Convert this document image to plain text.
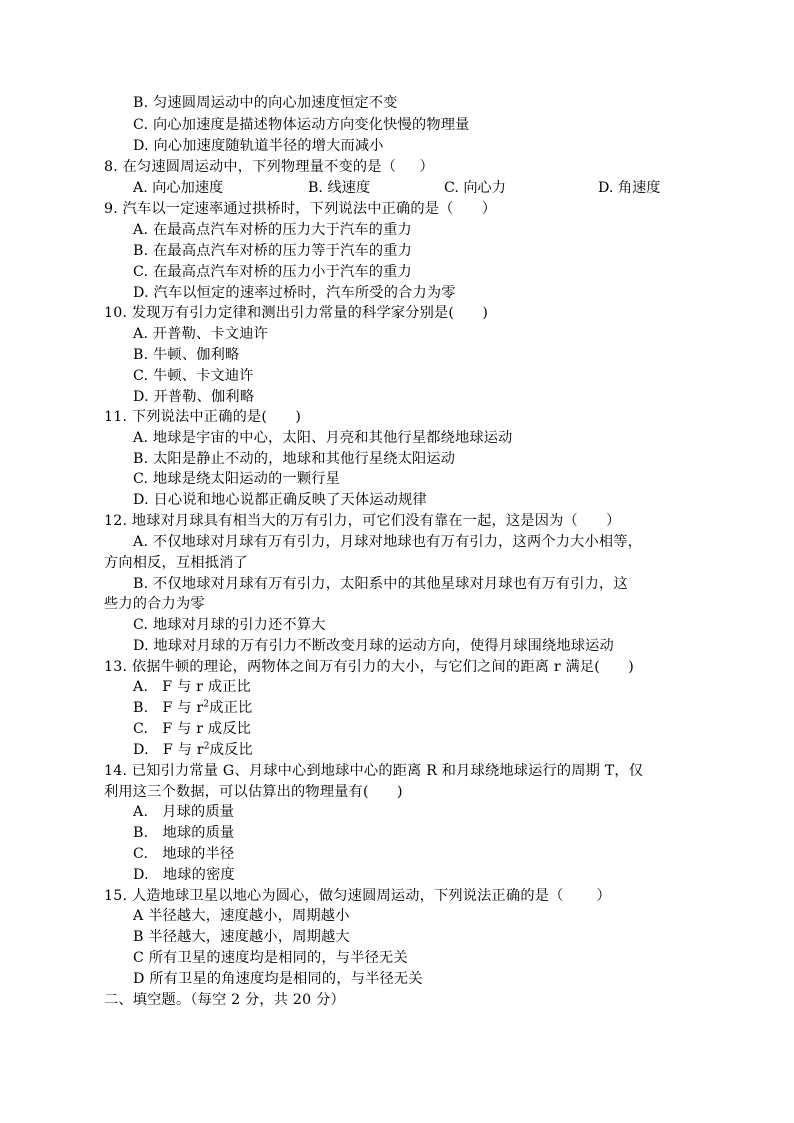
B. 匀速圆周运动中的向心加速度恒定不变
C. 向心加速度是描述物体运动方向变化快慢的物理量
D. 向心加速度随轨道半径的增大而减小
8. 在匀速圆周运动中，下列物理量不变的是（     ）
A. 向心加速度	B. 线速度	C. 向心力	D. 角速度
9. 汽车以一定速率通过拱桥时，下列说法中正确的是（      ）
A. 在最高点汽车对桥的压力大于汽车的重力
B. 在最高点汽车对桥的压力等于汽车的重力
C. 在最高点汽车对桥的压力小于汽车的重力
D. 汽车以恒定的速率过桥时，汽车所受的合力为零
10. 发现万有引力定律和测出引力常量的科学家分别是(      )
A. 开普勒、卡文迪许
B. 牛顿、伽利略
C. 牛顿、卡文迪许
D. 开普勒、伽利略
11. 下列说法中正确的是(      )
A. 地球是宇宙的中心，太阳、月亮和其他行星都绕地球运动
B. 太阳是静止不动的，地球和其他行星绕太阳运动
C. 地球是绕太阳运动的一颗行星
D. 日心说和地心说都正确反映了天体运动规律
12. 地球对月球具有相当大的万有引力，可它们没有靠在一起，这是因为（      ）
A. 不仅地球对月球有万有引力，月球对地球也有万有引力，这两个力大小相等，
方向相反，互相抵消了
B. 不仅地球对月球有万有引力，太阳系中的其他星球对月球也有万有引力，这
些力的合力为零
C. 地球对月球的引力还不算大
D. 地球对月球的万有引力不断改变月球的运动方向，使得月球围绕地球运动
13. 依据牛顿的理论，两物体之间万有引力的大小，与它们之间的距离 r 满足(      )
A.   F 与 r 成正比
B.   F 与 $r^2$成正比
C.   F 与 r 成反比
D.   F 与 $r^2$成反比
14. 已知引力常量 G、月球中心到地球中心的距离 R 和月球绕地球运行的周期 T，仅
利用这三个数据，可以估算出的物理量有(      )
A.   月球的质量
B.   地球的质量
C.   地球的半径
D.   地球的密度
15. 人造地球卫星以地心为圆心，做匀速圆周运动，下列说法正确的是（       ）
A 半径越大，速度越小，周期越小
B 半径越大，速度越小，周期越大
C 所有卫星的速度均是相同的，与半径无关
D 所有卫星的角速度均是相同的，与半径无关
二、填空题。（每空 2 分，共 20 分）
